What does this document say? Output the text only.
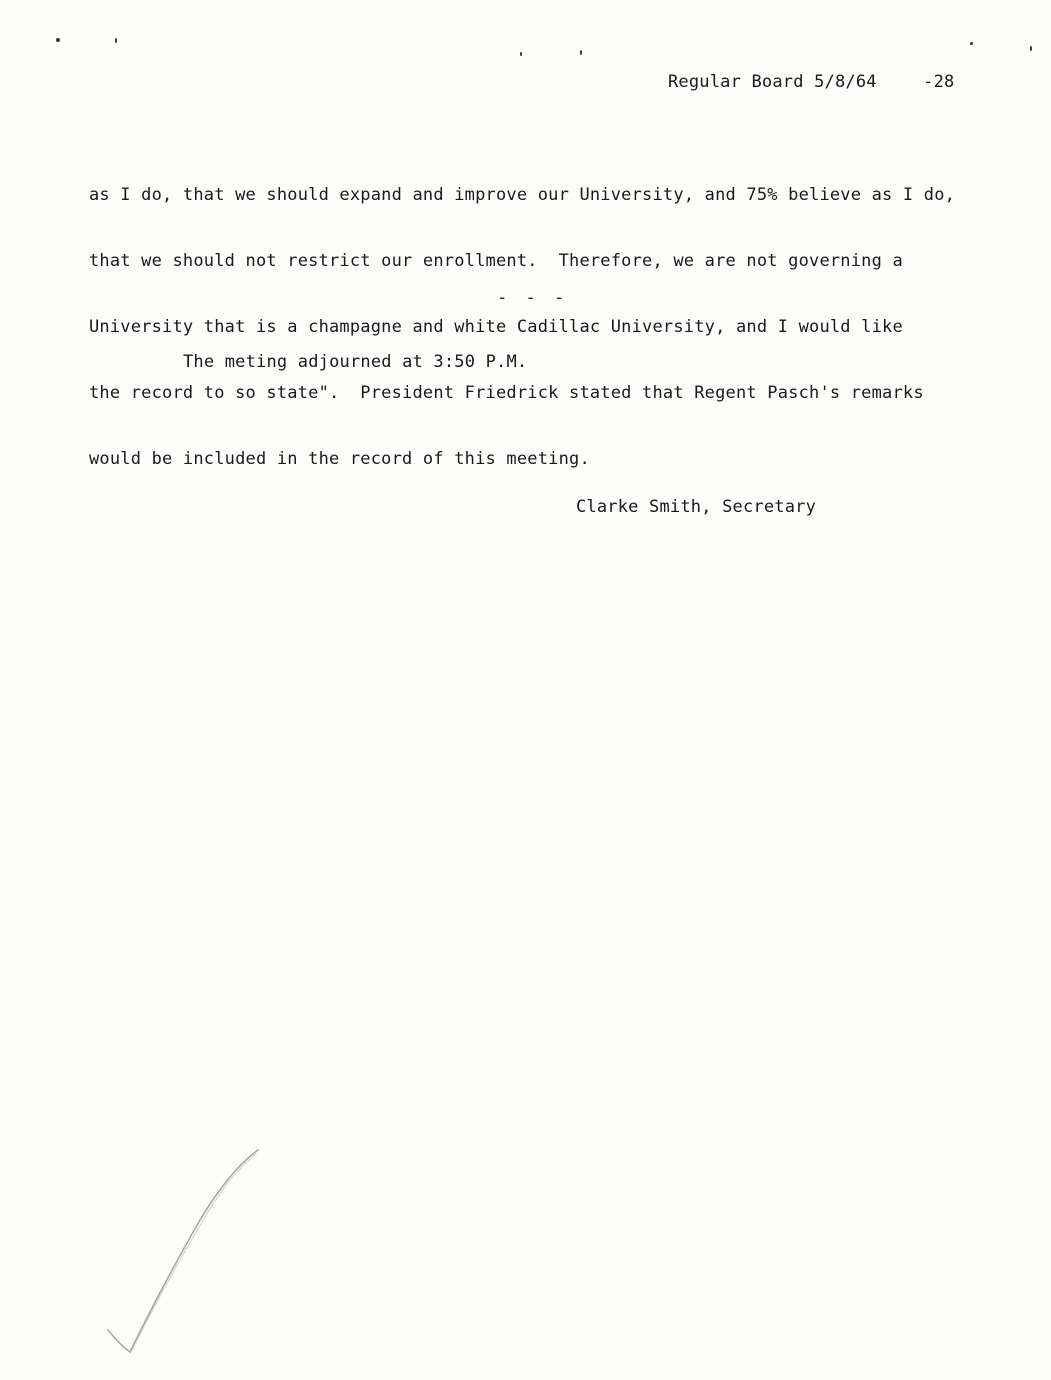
Regular Board 5/8/64	-28

as I do, that we should expand and improve our University, and 75% believe as I do,

that we should not restrict our enrollment.  Therefore, we are not governing a

University that is a champagne and white Cadillac University, and I would like

the record to so state".  President Friedrick stated that Regent Pasch's remarks

would be included in the record of this meeting.

- - -
The meting adjourned at 3:50 P.M.
Clarke Smith, Secretary
